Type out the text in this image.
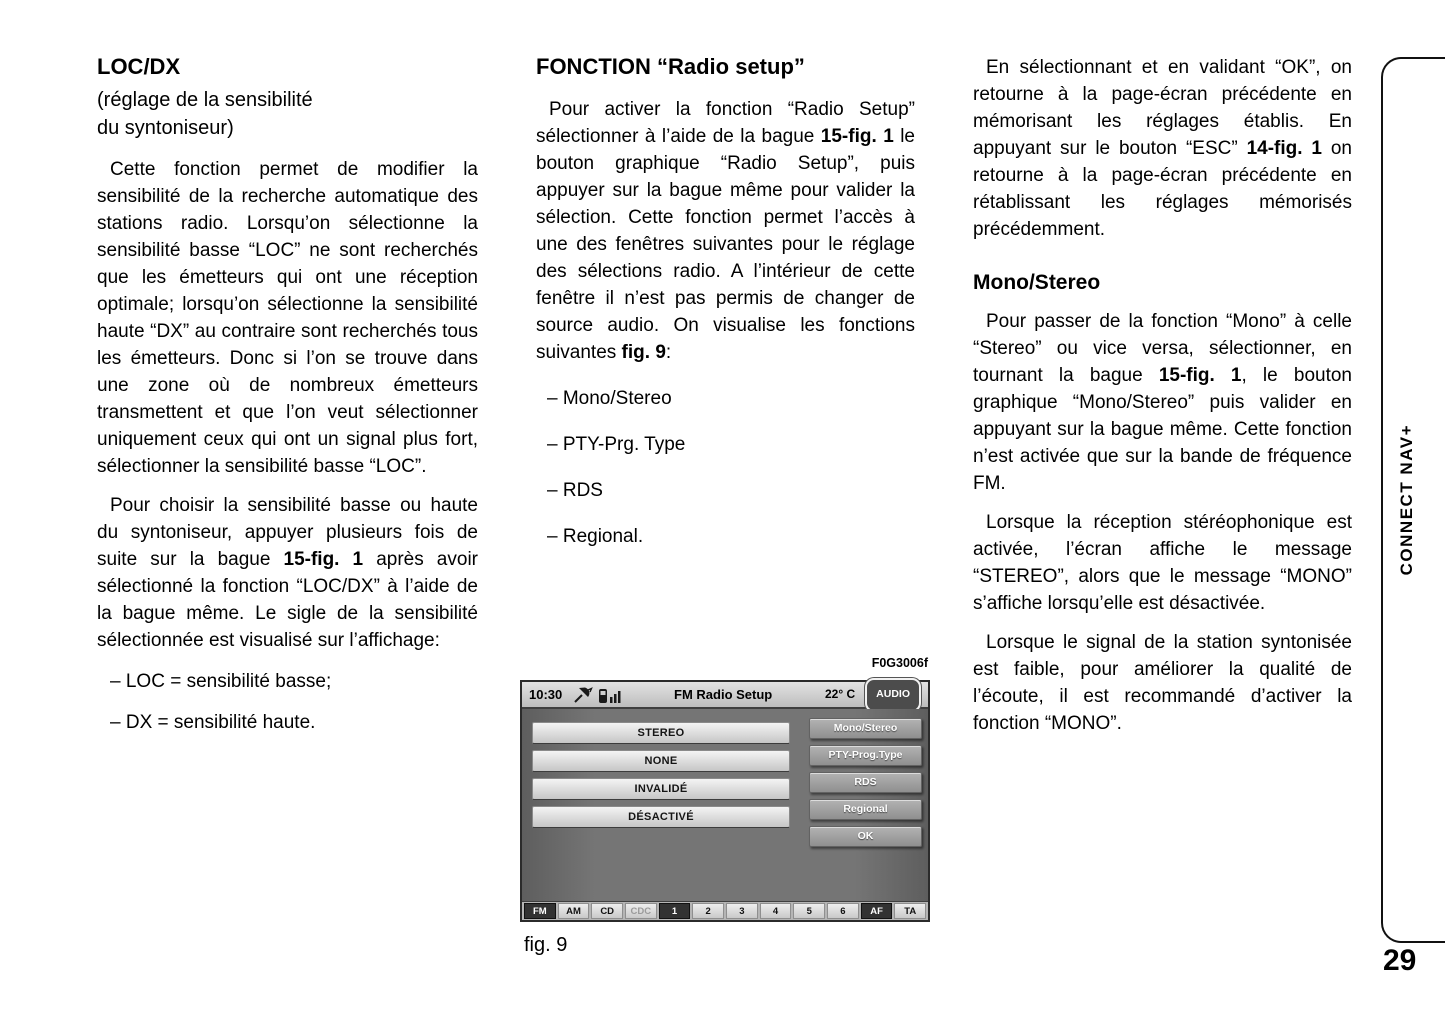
LOC/DX
(réglage de la sensibilité
du syntoniseur)

Cette fonction permet de modifier la sensibilité de la recherche automatique des stations radio. Lorsqu’on sélectionne la sensibilité basse “LOC” ne sont recherchés que les émetteurs qui ont une réception optimale; lorsqu’on sélectionne la sensibilité haute “DX” au contraire sont recherchés tous les émetteurs. Donc si l’on se trouve dans une zone où de nombreux émetteurs transmettent et que l’on veut sélectionner uniquement ceux qui ont un signal plus fort, sélectionner la sensibilité basse “LOC”.

Pour choisir la sensibilité basse ou haute du syntoniseur, appuyer plusieurs fois de suite sur la bague 15-fig. 1 après avoir sélectionné la fonction “LOC/DX” à l’aide de la bague même. Le sigle de la sensibilité sélectionnée est visualisé sur l’affichage:

– LOC = sensibilité basse;

– DX = sensibilité haute.

FONCTION “Radio setup”

Pour activer la fonction “Radio Setup” sélectionner à l’aide de la bague 15-fig. 1 le bouton graphique “Radio Setup”, puis appuyer sur la bague même pour valider la sélection. Cette fonction permet l’accès à une des fenêtres suivantes pour le réglage des sélections radio. A l’intérieur de cette fenêtre il n’est pas permis de changer de source audio. On visualise les fonctions suivantes fig. 9:

– Mono/Stereo

– PTY-Prg. Type

– RDS

– Regional.

F0G3006f
10:30	FM Radio Setup	22° C	AUDIO
STEREO
NONE
INVALIDÉ
DÉSACTIVÉ
Mono/Stereo
PTY-Prog.Type
RDS
Regional
OK
FM	AM	CD	CDC	1	2	3	4	5	6	AF	TA
fig. 9

En sélectionnant et en validant “OK”, on retourne à la page-écran précédente en mémorisant les réglages établis. En appuyant sur le bouton “ESC” 14-fig. 1 on retourne à la page-écran précédente en rétablissant les réglages mémorisés précédemment.

Mono/Stereo

Pour passer de la fonction “Mono” à celle “Stereo” ou vice versa, sélectionner, en tournant la bague 15-fig. 1, le bouton graphique “Mono/Stereo” puis valider en appuyant sur la bague même. Cette fonction n’est activée que sur la bande de fréquence FM.

Lorsque la réception stéréophonique est activée, l’écran affiche le message “STEREO”, alors que le message “MONO” s’affiche lorsqu’elle est désactivée.

Lorsque le signal de la station syntonisée est faible, pour améliorer la qualité de l’écoute, il est recommandé d’activer la fonction “MONO”.

CONNECT NAV+
29
